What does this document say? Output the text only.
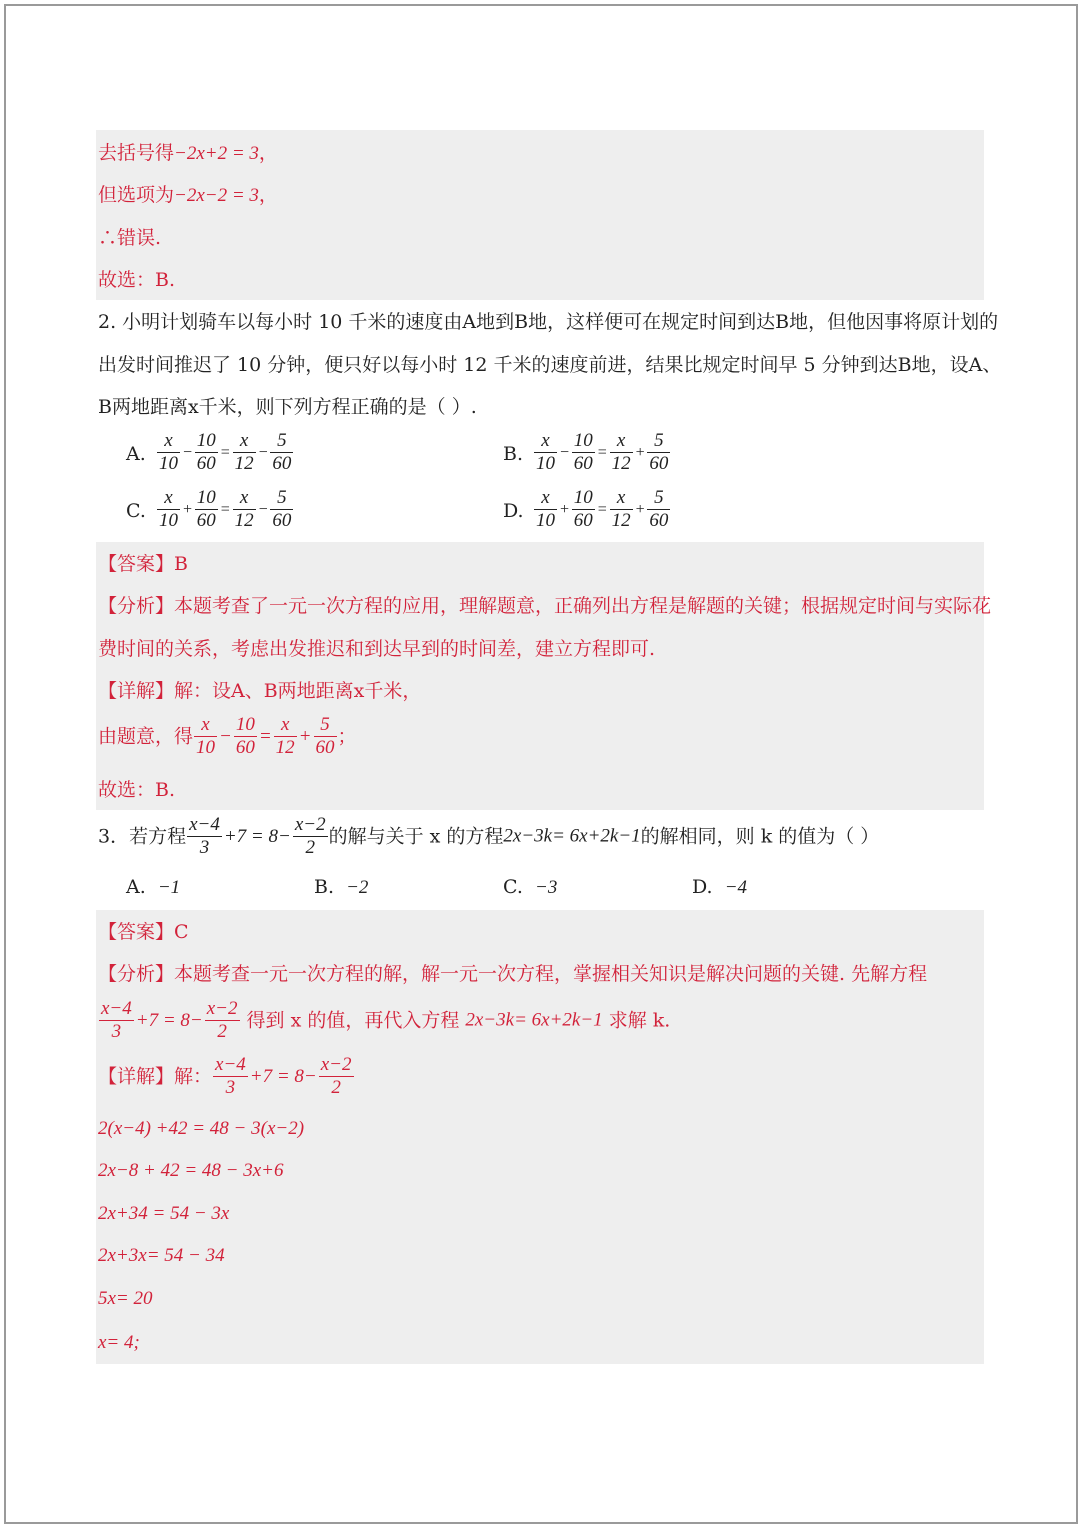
去括号得−2x+2 = 3，
但选项为−2x−2 = 3，
∴错误.
故选：B.
2. 小明计划骑车以每小时 10 千米的速度由A地到B地，这样便可在规定时间到达B地，但他因事将原计划的
出发时间推迟了 10 分钟，便只好以每小时 12 千米的速度前进，结果比规定时间早 5 分钟到达B地，设A、
B两地距离x千米，则下列方程正确的是（ ）.
A. $\frac{x}{10} - \frac{10}{60} = \frac{x}{12} - \frac{5}{60}$	B. $\frac{x}{10} - \frac{10}{60} = \frac{x}{12} + \frac{5}{60}$
C. $\frac{x}{10} + \frac{10}{60} = \frac{x}{12} - \frac{5}{60}$	D. $\frac{x}{10} + \frac{10}{60} = \frac{x}{12} + \frac{5}{60}$
【答案】B
【分析】本题考查了一元一次方程的应用，理解题意，正确列出方程是解题的关键；根据规定时间与实际花
费时间的关系，考虑出发推迟和到达早到的时间差，建立方程即可.
【详解】解：设A、B两地距离x千米，
由题意，得 $\frac{x}{10} - \frac{10}{60} = \frac{x}{12} + \frac{5}{60}$ ；
故选：B.
3．若方程 $\frac{x-4}{3} +7 = 8- \frac{x-2}{2}$ 的解与关于 x 的方程2x−3k= 6x+2k−1的解相同，则 k 的值为（ ）
A. −1	B. −2	C. −3	D. −4
【答案】C
【分析】本题考查一元一次方程的解，解一元一次方程，掌握相关知识是解决问题的关键. 先解方程
$\frac{x-4}{3} +7 = 8- \frac{x-2}{2}$ 得到 x 的值，再代入方程 2x−3k= 6x+2k−1 求解 k.
【详解】解： $\frac{x-4}{3} +7 = 8- \frac{x-2}{2}$
2(x−4) +42 = 48 − 3(x−2)
2x−8 + 42 = 48 − 3x+6
2x+34 = 54 − 3x
2x+3x= 54 − 34
5x= 20
x= 4;
